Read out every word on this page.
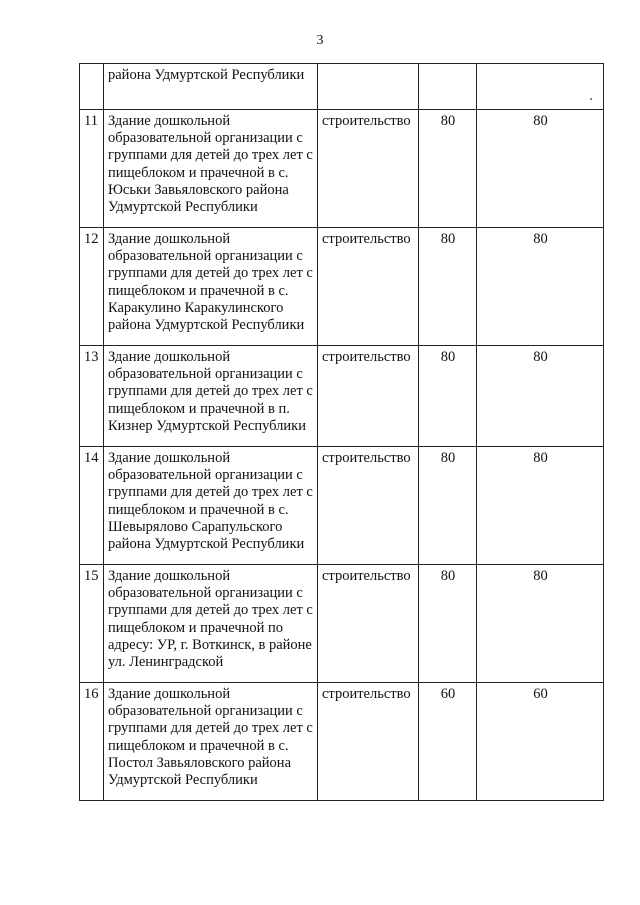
3
	района Удмуртской Республики			
11	Здание дошкольной образовательной организации с группами для детей до трех лет с пищеблоком и прачечной в с. Юськи Завьяловского района Удмуртской Республики	строительство	80	80
12	Здание дошкольной образовательной организации с группами для детей до трех лет с пищеблоком и прачечной в с. Каракулино Каракулинского района Удмуртской Республики	строительство	80	80
13	Здание дошкольной образовательной организации с группами для детей до трех лет с пищеблоком и прачечной в п. Кизнер Удмуртской Республики	строительство	80	80
14	Здание дошкольной образовательной организации с группами для детей до трех лет с пищеблоком и прачечной в с. Шевырялово Сарапульского района Удмуртской Республики	строительство	80	80
15	Здание дошкольной образовательной организации с группами для детей до трех лет с пищеблоком и прачечной по адресу: УР, г. Воткинск, в районе ул. Ленинградской	строительство	80	80
16	Здание дошкольной образовательной организации с группами для детей до трех лет с пищеблоком и прачечной в с. Постол Завьяловского района Удмуртской Республики	строительство	60	60
